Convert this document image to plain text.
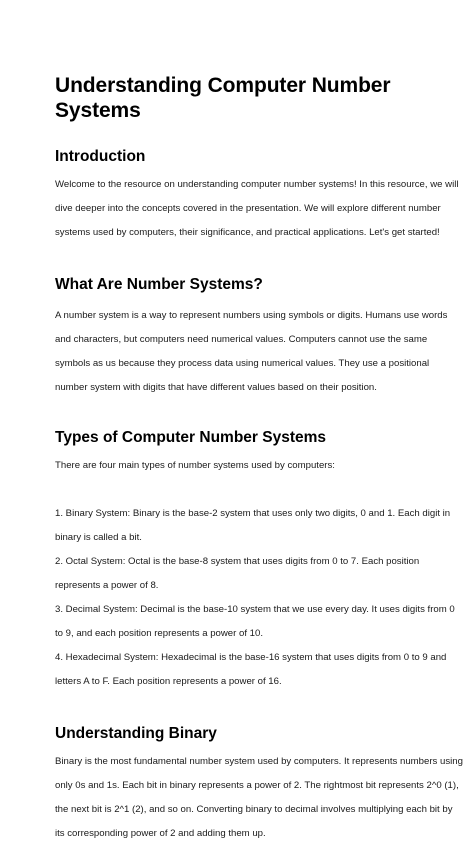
Understanding Computer Number
Systems
Introduction

Welcome to the resource on understanding computer number systems! In this resource, we will

dive deeper into the concepts covered in the presentation. We will explore different number

systems used by computers, their significance, and practical applications. Let's get started!

What Are Number Systems?

A number system is a way to represent numbers using symbols or digits. Humans use words

and characters, but computers need numerical values. Computers cannot use the same

symbols as us because they process data using numerical values. They use a positional

number system with digits that have different values based on their position.

Types of Computer Number Systems

There are four main types of number systems used by computers:

1. Binary System: Binary is the base-2 system that uses only two digits, 0 and 1. Each digit in

binary is called a bit.

2. Octal System: Octal is the base-8 system that uses digits from 0 to 7. Each position

represents a power of 8.

3. Decimal System: Decimal is the base-10 system that we use every day. It uses digits from 0

to 9, and each position represents a power of 10.

4. Hexadecimal System: Hexadecimal is the base-16 system that uses digits from 0 to 9 and

letters A to F. Each position represents a power of 16.

Understanding Binary

Binary is the most fundamental number system used by computers. It represents numbers using

only 0s and 1s. Each bit in binary represents a power of 2. The rightmost bit represents 2^0 (1),

the next bit is 2^1 (2), and so on. Converting binary to decimal involves multiplying each bit by

its corresponding power of 2 and adding them up.
